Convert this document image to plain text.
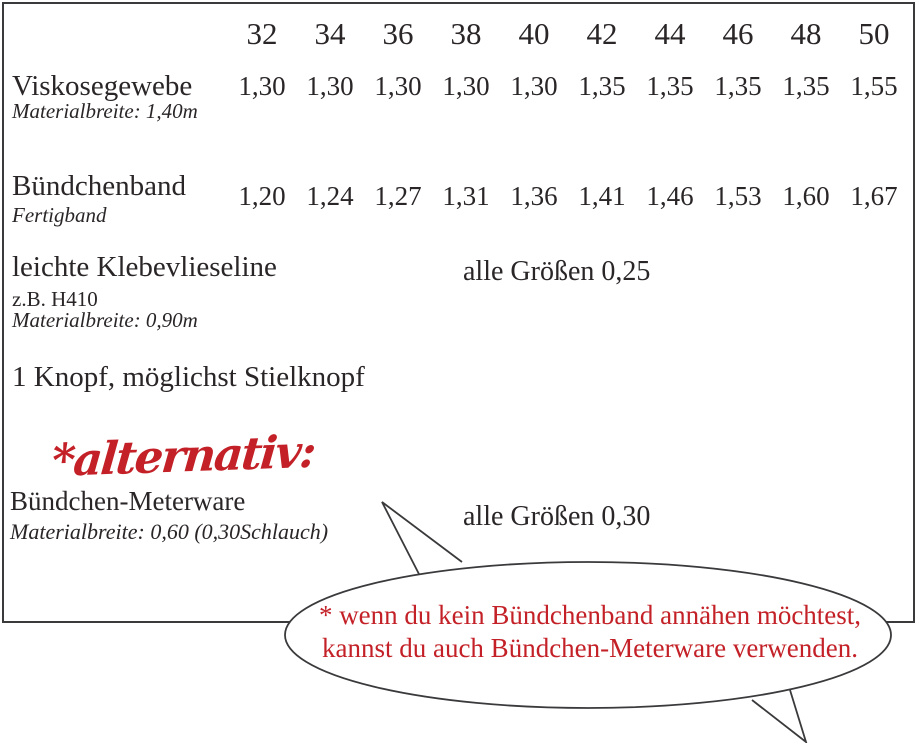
32	34	36	38	40	42	44	46	48	50
Viskosegewebe
Materialbreite: 1,40m
1,30 1,30 1,30 1,30 1,30 1,35 1,35 1,35 1,35 1,55
Bündchenband
Fertigband
1,20 1,24 1,27 1,31 1,36 1,41 1,46 1,53 1,60 1,67
leichte Klebevlieseline
z.B. H410
Materialbreite: 0,90m
alle Größen 0,25
1 Knopf, möglichst Stielknopf
*alternativ:
Bündchen-Meterware
Materialbreite: 0,60 (0,30Schlauch)	alle Größen 0,30
* wenn du kein Bündchenband annähen möchtest,
kannst du auch Bündchen-Meterware verwenden.
